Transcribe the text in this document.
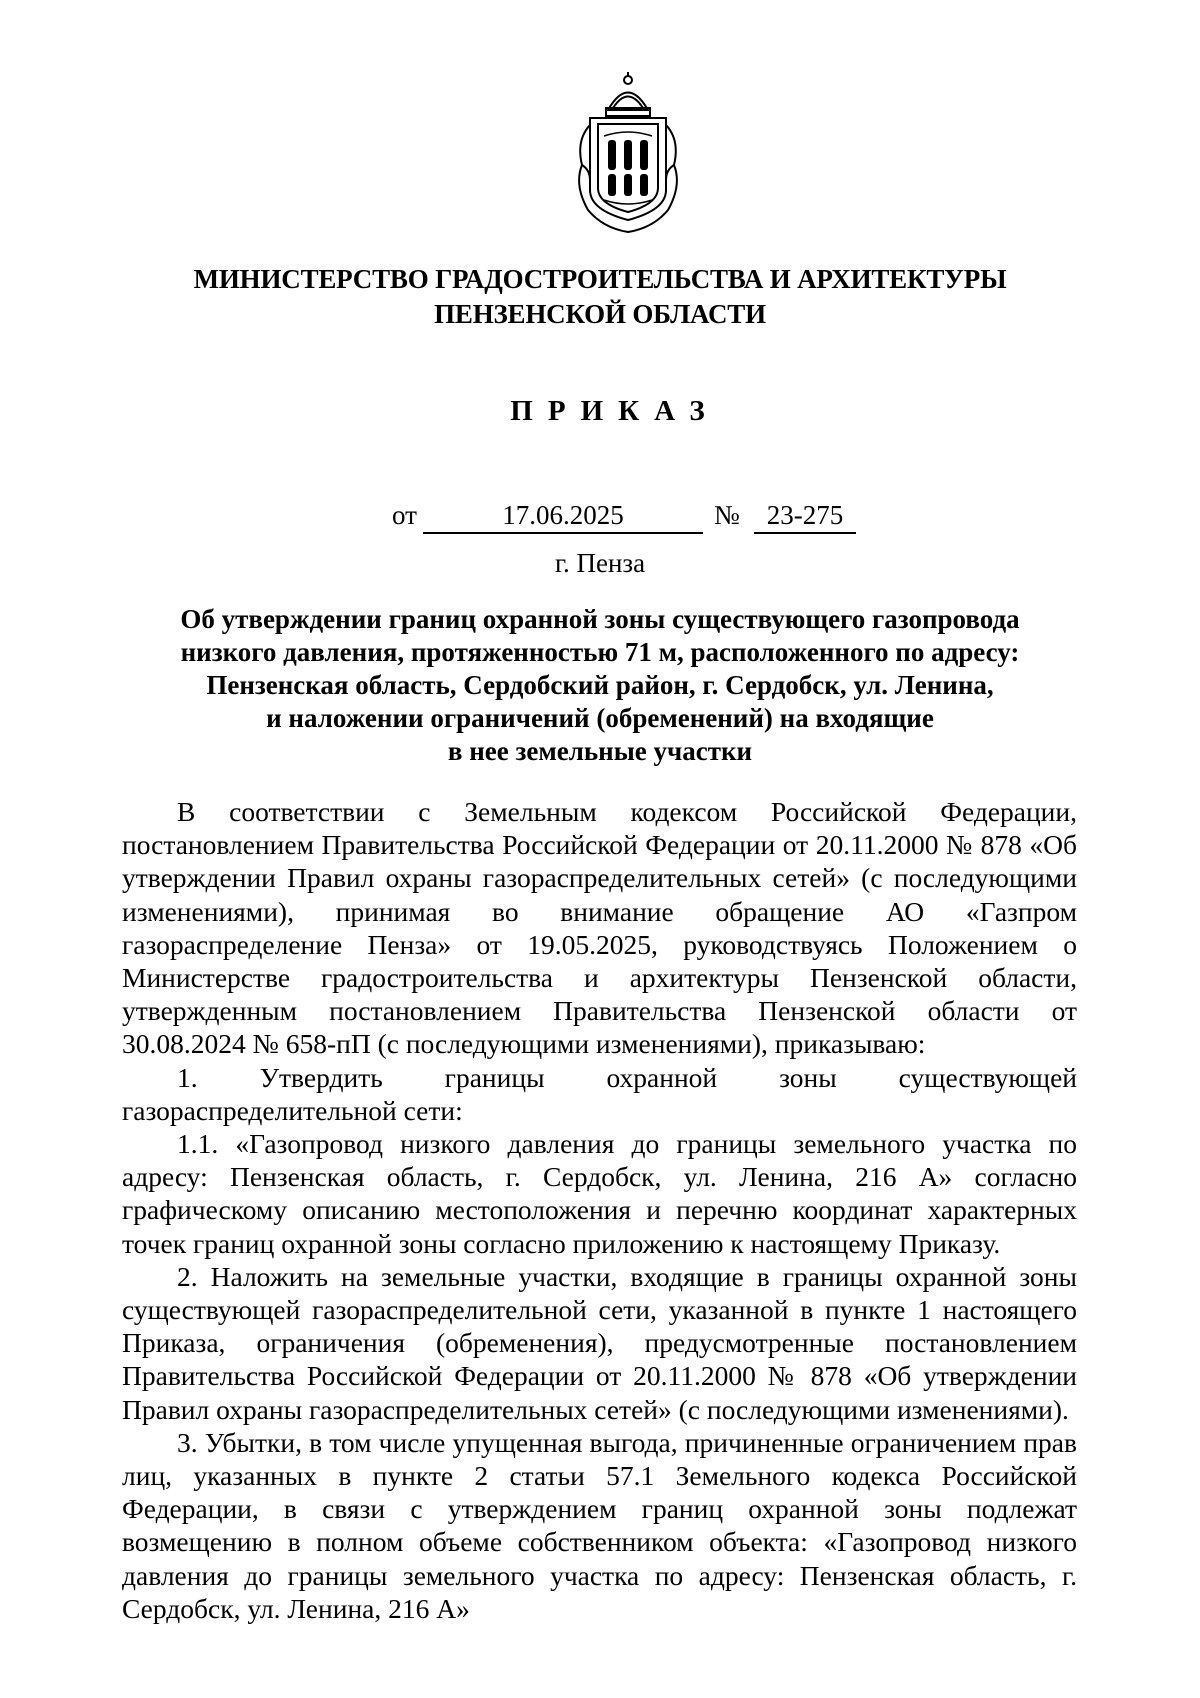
МИНИСТЕРСТВО ГРАДОСТРОИТЕЛЬСТВА И АРХИТЕКТУРЫ
ПЕНЗЕНСКОЙ ОБЛАСТИ
ПРИКАЗ
от	17.06.2025	№ 23-275
г. Пенза
Об утверждении границ охранной зоны существующего газопровода
низкого давления, протяженностью 71 м, расположенного по адресу:
Пензенская область, Сердобский район, г. Сердобск, ул. Ленина,
и наложении ограничений (обременений) на входящие
в нее земельные участки

В соответствии с Земельным кодексом Российской Федерации, постановлением Правительства Российской Федерации от 20.11.2000 № 878 «Об утверждении Правил охраны газораспределительных сетей» (с последующими изменениями), принимая во внимание обращение АО «Газпром газораспределение Пенза» от 19.05.2025, руководствуясь Положением о Министерстве градостроительства и архитектуры Пензенской области, утвержденным постановлением Правительства Пензенской области от 30.08.2024 № 658-пП (с последующими изменениями), приказываю:

1. Утвердить границы охранной зоны существующей газораспределительной сети:

1.1. «Газопровод низкого давления до границы земельного участка по адресу: Пензенская область, г. Сердобск, ул. Ленина, 216 А» согласно графическому описанию местоположения и перечню координат характерных точек границ охранной зоны согласно приложению к настоящему Приказу.

2. Наложить на земельные участки, входящие в границы охранной зоны существующей газораспределительной сети, указанной в пункте 1 настоящего Приказа, ограничения (обременения), предусмотренные постановлением Правительства Российской Федерации от 20.11.2000 № 878 «Об утверждении Правил охраны газораспределительных сетей» (с последующими изменениями).

3. Убытки, в том числе упущенная выгода, причиненные ограничением прав лиц, указанных в пункте 2 статьи 57.1 Земельного кодекса Российской Федерации, в связи с утверждением границ охранной зоны подлежат возмещению в полном объеме собственником объекта: «Газопровод низкого давления до границы земельного участка по адресу: Пензенская область, г. Сердобск, ул. Ленина, 216 А»
